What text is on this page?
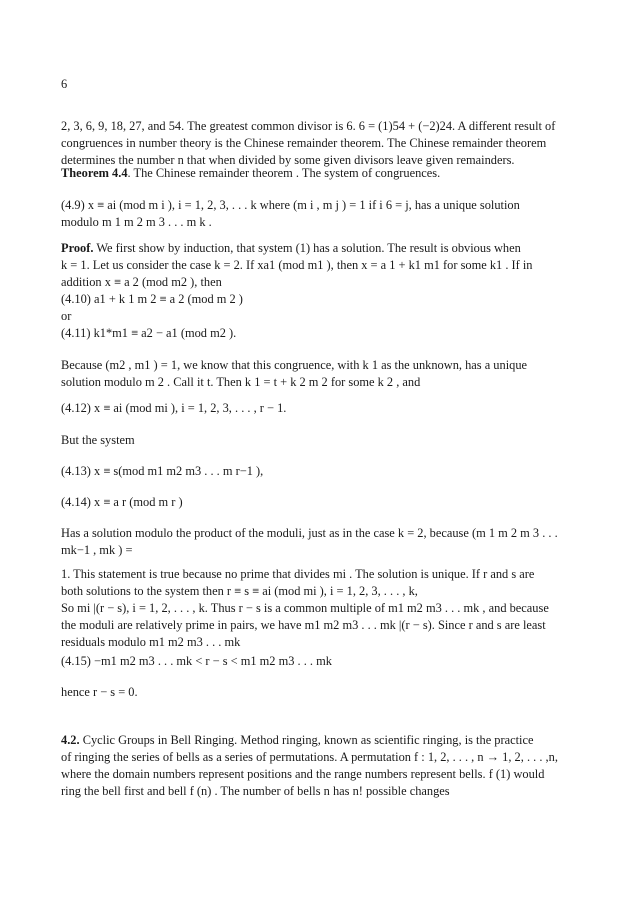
6
2, 3, 6, 9, 18, 27, and 54. The greatest common divisor is 6. 6 = (1)54 + (−2)24. A different result of
congruences in number theory is the Chinese remainder theorem. The Chinese remainder theorem
determines the number n that when divided by some given divisors leave given remainders.
Theorem 4.4. The Chinese remainder theorem . The system of congruences.
(4.9) x ≡ ai (mod m i ), i = 1, 2, 3, . . . k where (m i , m j ) = 1 if i 6 = j, has a unique solution
modulo m 1 m 2 m 3 . . . m k .
Proof. We first show by induction, that system (1) has a solution. The result is obvious when
k = 1. Let us consider the case k = 2. If xa1 (mod m1 ), then x = a 1 + k1 m1 for some k1 . If in
addition x ≡ a 2 (mod m2 ), then
(4.10) a1 + k 1 m 2 ≡ a 2 (mod m 2 )
or
(4.11) k1*m1 ≡ a2 − a1 (mod m2 ).
Because (m2 , m1 ) = 1, we know that this congruence, with k 1 as the unknown, has a unique
solution modulo m 2 . Call it t. Then k 1 = t + k 2 m 2 for some k 2 , and
(4.12) x ≡ ai (mod mi ), i = 1, 2, 3, . . . , r − 1.
But the system
(4.13) x ≡ s(mod m1 m2 m3 . . . m r−1 ),
(4.14) x ≡ a r (mod m r )
Has a solution modulo the product of the moduli, just as in the case k = 2, because (m 1 m 2 m 3 . . .
mk−1 , mk ) =
1. This statement is true because no prime that divides mi . The solution is unique. If r and s are
both solutions to the system then r ≡ s ≡ ai (mod mi ), i = 1, 2, 3, . . . , k,
So mi |(r − s), i = 1, 2, . . . , k. Thus r − s is a common multiple of m1 m2 m3 . . . mk , and because
the moduli are relatively prime in pairs, we have m1 m2 m3 . . . mk |(r − s). Since r and s are least
residuals modulo m1 m2 m3 . . . mk
(4.15) −m1 m2 m3 . . . mk < r − s < m1 m2 m3 . . . mk
hence r − s = 0.
4.2. Cyclic Groups in Bell Ringing. Method ringing, known as scientific ringing, is the practice
of ringing the series of bells as a series of permutations. A permutation f : 1, 2, . . . , n → 1, 2, . . . ,n,
where the domain numbers represent positions and the range numbers represent bells. f (1) would
ring the bell first and bell f (n) . The number of bells n has n! possible changes
